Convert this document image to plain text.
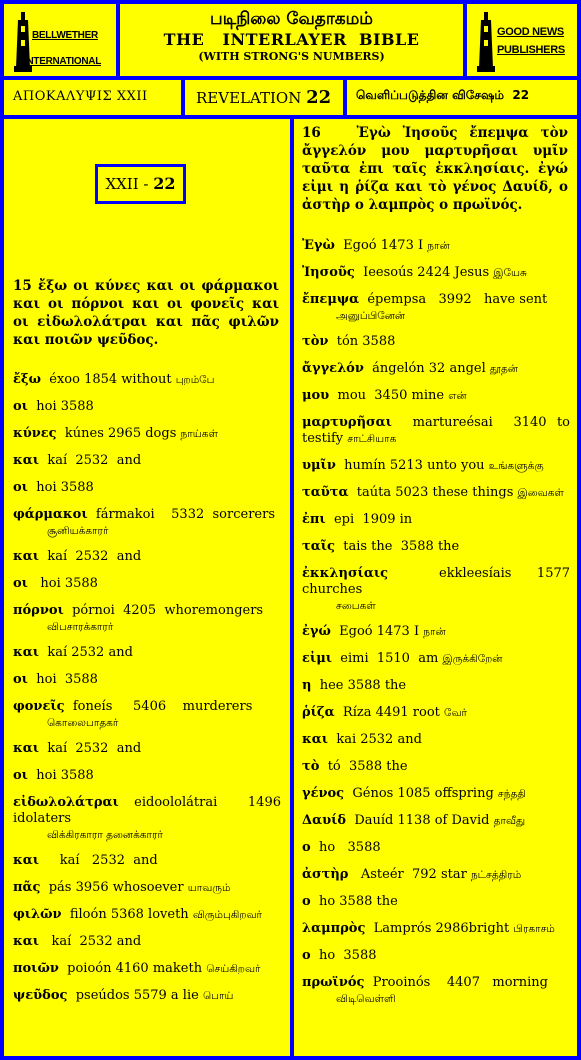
BELLWETHER
INTERNATIONAL
படிநிலை வேதாகமம்
THE   INTERLAYER  BIBLE
(WITH STRONG'S NUMBERS)
GOOD NEWS
PUBLISHERS
ΑΠΟΚΑΛΥΨΙΣ XXII	REVELATION 22	வெளிப்படுத்தின விசேஷம்  22
XXII - 22
15 ἔξω οι κύνες και οι φάρμακοι και οι πόρνοι και οι φονεῖς και οι εἰδωλολάτραι και πᾶς φιλῶν και ποιῶν ψεῦδος.
ἔξω  éxoo 1854 without புறம்பே
οι  hoi 3588
κύνες  kúnes 2965 dogs நாய்கள்
και  kaí  2532  and
οι  hoi 3588
φάρμακοι  fármakoi    5332  sorcerers
சூனியக்காரர்
και  kaí  2532  and
οι   hoi 3588
πόρνοι  pórnoi  4205  whoremongers
விபசாரக்காரர்
και  kaí 2532 and
οι  hoi  3588
φονεῖς  foneís     5406    murderers
கொலைபாதகர்
και  kaí  2532  and
οι  hoi 3588
εἰδωλολάτραι  eidoololátrai    1496 idolaters
விக்கிரகாரா தனைக்காரர்
και     kaí   2532  and
πᾶς  pás 3956 whosoever யாவரும்
φιλῶν  filoón 5368 loveth விரும்புகிறவர்
και   kaí  2532 and
ποιῶν  poioón 4160 maketh செய்கிறவர்
ψεῦδος  pseúdos 5579 a lie பொய்
16   Ἐγὼ Ἰησοῦς ἔπεμψα τὸν ἄγγελόν μου μαρτυρῆσαι υμῖν ταῦτα ἐπι ταῖς ἐκκλησίαις. ἐγώ εἰμι η ῥίζα και τὸ γένος Δαυίδ, ο ἀστὴρ ο λαμπρὸς ο πρωϊνός.
Ἐγὼ  Egoó 1473 I நான்
Ἰησοῦς  Ieesoús 2424 Jesus இயேசு
ἔπεμψα  épempsa   3992   have sent
அனுப்பினேன்
τὸν  tón 3588
ἄγγελόν  ángelón 32 angel தூதன்
μου  mou  3450 mine என்
μαρτυρῆσαι  martureésai  3140 to testify சாட்சியாக
υμῖν  humín 5213 unto you உங்களுக்கு
ταῦτα  taúta 5023 these things இவைகள்
ἐπι  epi  1909 in
ταῖς  tais the  3588 the
ἐκκλησίαις  ekkleesíais 1577  churches
சபைகள்
ἐγώ  Egoó 1473 I நான்
εἰμι  eimi  1510  am இருக்கிறேன்
η  hee 3588 the
ῥίζα  Ríza 4491 root வேர்
και  kai 2532 and
τὸ  tó  3588 the
γένος  Génos 1085 offspring சந்ததி
Δαυίδ  Dauíd 1138 of David தாவீது
ο  ho   3588
ἀστὴρ   Asteér  792 star நட்சத்திரம்
ο  ho 3588 the
λαμπρὸς  Lamprós 2986bright பிரகாசம்
ο  ho  3588
πρωϊνός  Prooinós    4407   morning
விடிவெள்ளி
